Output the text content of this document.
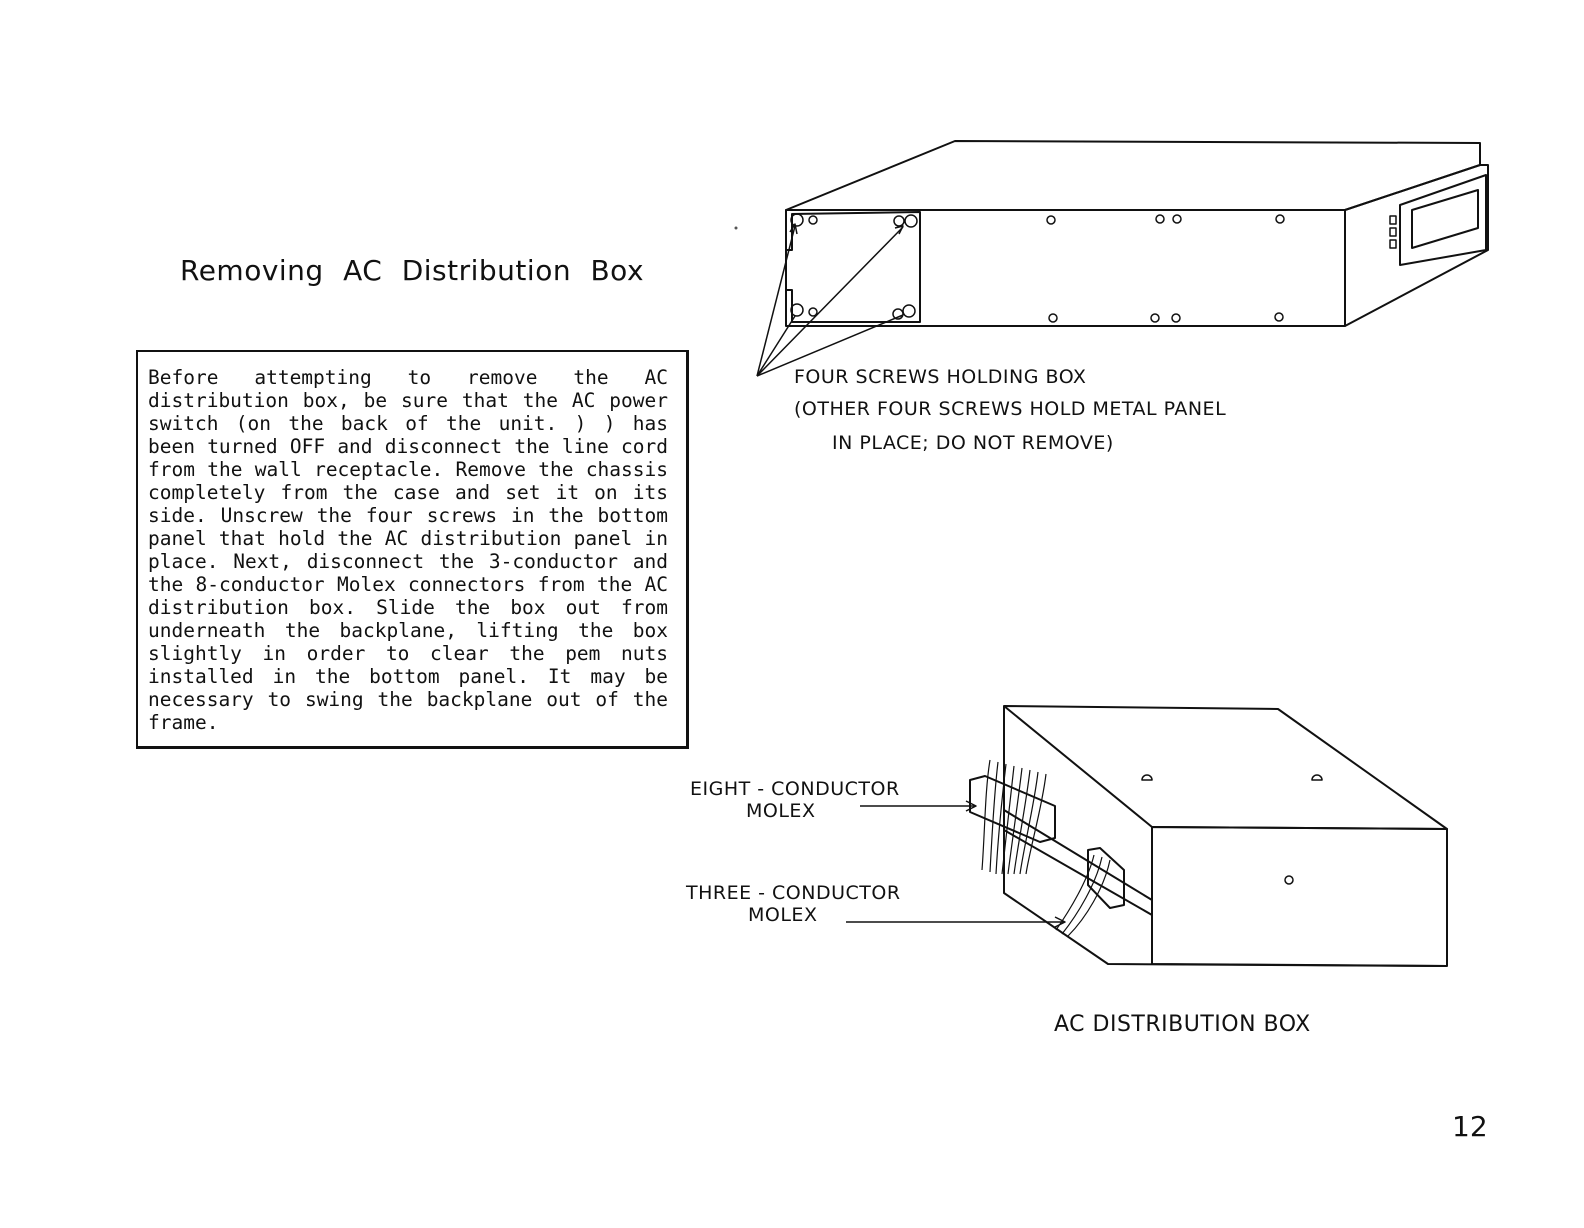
Removing AC Distribution Box
Before attempting to remove the AC
distribution box, be sure that the AC power
switch (on the back of the unit. ) ) has
been turned OFF and disconnect the line cord
from the wall receptacle. Remove the chassis
completely from the case and set it on its
side. Unscrew the four screws in the bottom
panel that hold the AC distribution panel in
place. Next, disconnect the 3-conductor and
the 8-conductor Molex connectors from the AC
distribution box. Slide the box out from
underneath the backplane, lifting the box
slightly in order to clear the pem nuts
installed in the bottom panel. It may be
necessary to swing the backplane out of the
frame.
FOUR SCREWS HOLDING BOX
(OTHER FOUR SCREWS HOLD METAL PANEL
IN PLACE; DO NOT REMOVE)
EIGHT - CONDUCTOR
MOLEX
THREE - CONDUCTOR
MOLEX
AC DISTRIBUTION BOX
12
